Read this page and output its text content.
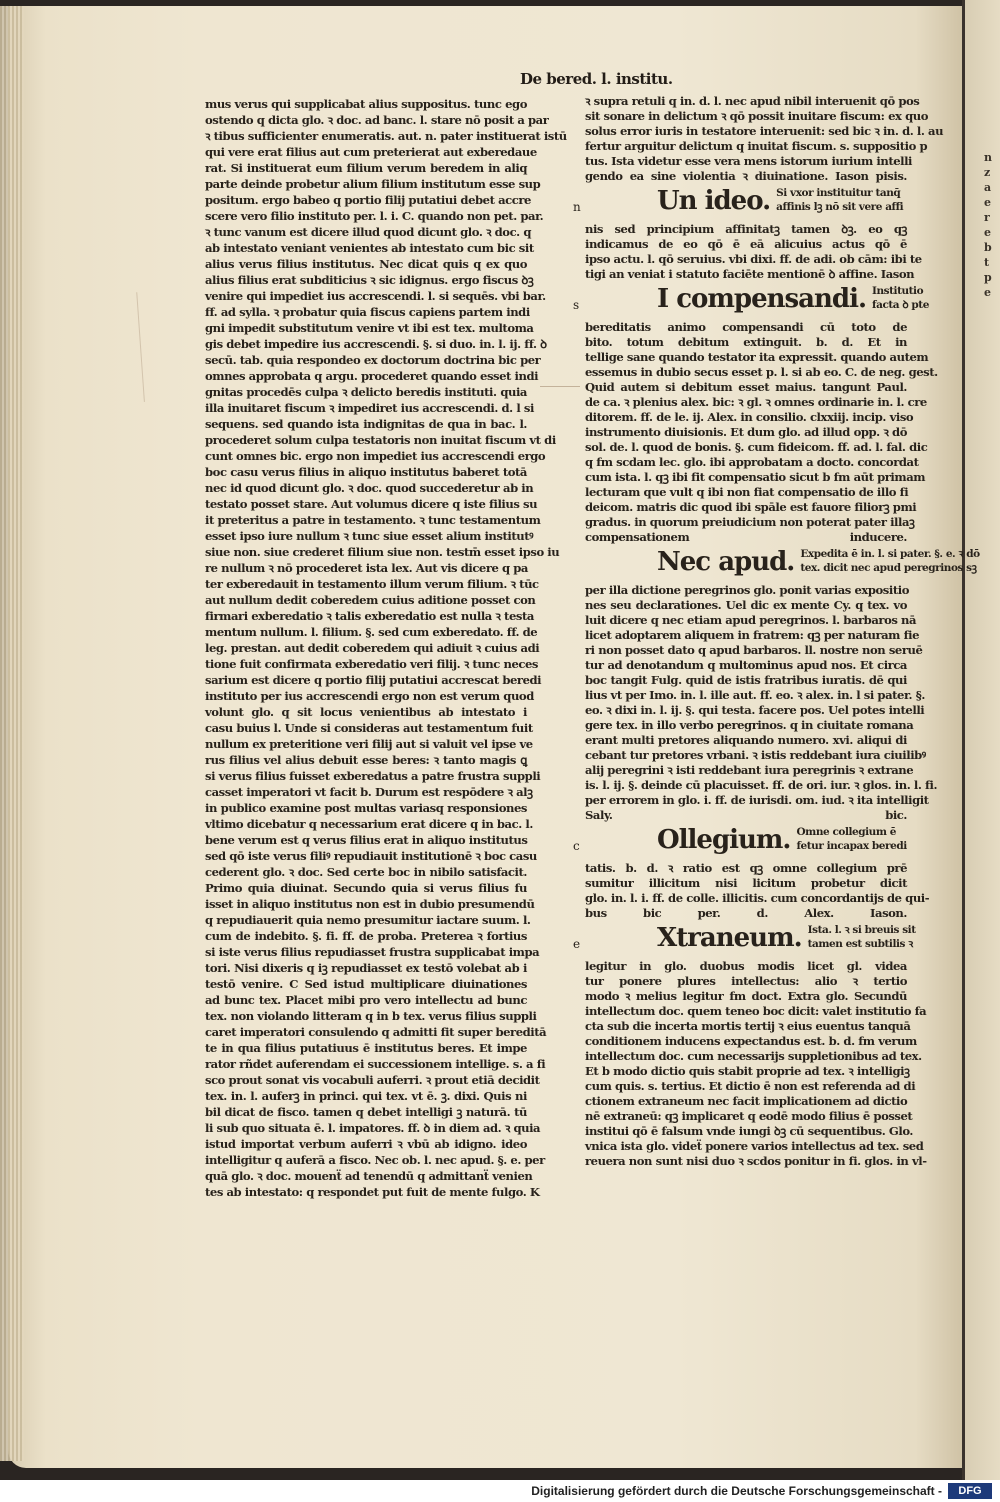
n
z
a
e
r
e
b
t
p
e
De bered. l. institu.
mus verus qui supplicabat alius suppositus. tunc ego
ostendo q dicta glo. ꝛ doc. ad banc. l. stare nō posit a par
ꝛ tibus sufficienter enumeratis. aut. n. pater instituerat istū
qui vere erat filius aut cum preterierat aut exberedaue
rat. Si instituerat eum filium verum beredem in aliq
parte deinde probetur alium filium institutum esse sup
positum. ergo babeo q portio filij putatiui debet accre
scere vero filio instituto per. l. i. C. quando non pet. par.
ꝛ tunc vanum est dicere illud quod dicunt glo. ꝛ doc. q
ab intestato veniant venientes ab intestato cum bic sit
alius verus filius institutus. Nec dicat quis q ex quo
alius filius erat subditicius ꝛ sic idignus. ergo fiscus ꝺꝫ
venire qui impediet ius accrescendi. l. si sequēs. vbi bar.
ff. ad sylla. ꝛ probatur quia fiscus capiens partem indi
gni impedit substitutum venire vt ibi est tex. multoma
gis debet impedire ius accrescendi. §. si duo. in. l. ij. ff. ꝺ
secū. tab. quia respondeo ex doctorum doctrina bic per
omnes approbata q argu. procederet quando esset indi
gnitas procedēs culpa ꝛ delicto beredis instituti. quia
illa inuitaret fiscum ꝛ impediret ius accrescendi. d. l si
sequens. sed quando ista indignitas de qua in bac. l.
procederet solum culpa testatoris non inuitat fiscum vt di
cunt omnes bic. ergo non impediet ius accrescendi ergo
boc casu verus filius in aliquo institutus baberet totā
nec id quod dicunt glo. ꝛ doc. quod succederetur ab in
testato posset stare. Aut volumus dicere q iste filius su
it preteritus a patre in testamento. ꝛ tunc testamentum
esset ipso iure nullum ꝛ tunc siue esset alium institutꝰ
siue non. siue crederet filium siue non. testm̄ esset ipso iu
re nullum ꝛ nō procederet ista lex. Aut vis dicere q pa
ter exberedauit in testamento illum verum filium. ꝛ tūc
aut nullum dedit coberedem cuius aditione posset con
firmari exberedatio ꝛ talis exberedatio est nulla ꝛ testa
mentum nullum. l. filium. §. sed cum exberedato. ff. de
leg. prestan. aut dedit coberedem qui adiuit ꝛ cuius adi
tione fuit confirmata exberedatio veri filij. ꝛ tunc neces
sarium est dicere q portio filij putatiui accrescat beredi
instituto per ius accrescendi ergo non est verum quod
volunt glo. q sit locus venientibus ab intestato i
casu buius l. Unde si consideras aut testamentum fuit
nullum ex preteritione veri filij aut si valuit vel ipse ve
rus filius vel alius debuit esse beres: ꝛ tanto magis ꝗ
si verus filius fuisset exberedatus a patre frustra suppli
casset imperatori vt facit b. Durum est respōdere ꝛ alꝫ
in publico examine post multas variasq responsiones
vltimo dicebatur q necessarium erat dicere q in bac. l.
bene verum est q verus filius erat in aliquo institutus
sed qō iste verus filiꝰ repudiauit institutionē ꝛ boc casu
cederent glo. ꝛ doc. Sed certe boc in nibilo satisfacit.
Primo quia diuinat. Secundo quia si verus filius fu
isset in aliquo institutus non est in dubio presumendū
q repudiauerit quia nemo presumitur iactare suum. l.
cum de indebito. §. fi. ff. de proba. Preterea ꝛ fortius
si iste verus filius repudiasset frustra supplicabat impa
tori. Nisi dixeris q iꝫ repudiasset ex testō volebat ab i
testō venire. C Sed istud multiplicare diuinationes
ad bunc tex. Placet mibi pro vero intellectu ad bunc
tex. non violando litteram q in b tex. verus filius suppli
caret imperatori consulendo q admitti fit super bereditā
te in qua filius putatiuus ē institutus beres. Et impe
rator rñdet auferendam ei successionem intellige. s. a fi
sco prout sonat vis vocabuli auferri. ꝛ prout etiā decidit
tex. in. l. auferꝫ in princi. qui tex. vt ē. ꝫ. dixi. Quis ni
bil dicat de fisco. tamen q debet intelligi ꝫ naturā. tū
li sub quo situata ē. l. impatores. ff. ꝺ in diem ad. ꝛ quia
istud importat verbum auferri ꝛ vbū ab idigno. ideo
intelligitur q auferā a fisco. Nec ob. l. nec apud. §. e. per
quā glo. ꝛ doc. mouenẗ ad tenendū q admittanẗ venien
tes ab intestato: q respondet put fuit de mente fulgo. K
ꝛ supra retuli q in. d. l. nec apud nibil interuenit qō pos
sit sonare in delictum ꝛ qō possit inuitare fiscum: ex quo
solus error iuris in testatore interuenit: sed bic ꝛ in. d. l. au
fertur arguitur delictum q inuitat fiscum. s. suppositio p
tus. Ista videtur esse vera mens istorum iurium intelli
gendo ea sine violentia ꝛ diuinatione. Iason pisis.
n	Un ideo. Si vxor instituitur tanq̄
affinis lꝫ nō sit vere affi
nis sed principium affinitatꝫ tamen ꝺꝫ. eo qꝫ
indicamus de eo qō ē eā alicuius actus qō ē
ipso actu. l. qō seruius. vbi dixi. ff. de adi. ob cām: ibi te
tigi an veniat i statuto faciēte mentionē ꝺ affine. Iason
s	I compensandi. Institutio
facta ꝺ pte
bereditatis animo compensandi cū toto de
bito. totum debitum extinguit. b. d. Et in
tellige sane quando testator ita expressit. quando autem
essemus in dubio secus esset p. l. si ab eo. C. de neg. gest.
Quid autem si debitum esset maius. tangunt Paul.
de ca. ꝛ plenius alex. bic: ꝛ gl. ꝛ omnes ordinarie in. l. cre
ditorem. ff. de le. ij. Alex. in consilio. clxxiij. incip. viso
instrumento diuisionis. Et dum glo. ad illud opp. ꝛ dō
sol. de. l. quod de bonis. §. cum fideicom. ff. ad. l. fal. dic
q fm scdam lec. glo. ibi approbatam a docto. concordat
cum ista. l. qꝫ ibi fit compensatio sicut b fm aūt primam
lecturam que vult q ibi non fiat compensatio de illo fi
deicom. matris dic quod ibi spāle est fauore filiorꝫ pmi
gradus. in quorum preiudicium non poterat pater illaꝫ
compensationem inducere.
Nec apud. Expedita ē in. l. si pater. §. e. ꝛ dō
tex. dicit nec apud peregrinos sꝫ
per illa dictione peregrinos glo. ponit varias expositio
nes seu declarationes. Uel dic ex mente Cy. q tex. vo
luit dicere q nec etiam apud peregrinos. l. barbaros nā
licet adoptarem aliquem in fratrem: qꝫ per naturam fie
ri non posset dato q apud barbaros. ll. nostre non seruē
tur ad denotandum q multominus apud nos. Et circa
boc tangit Fulg. quid de istis fratribus iuratis. dē qui
lius vt per Imo. in. l. ille aut. ff. eo. ꝛ alex. in. l si pater. §.
eo. ꝛ dixi in. l. ij. §. qui testa. facere pos. Uel potes intelli
gere tex. in illo verbo peregrinos. q in ciuitate romana
erant multi pretores aliquando numero. xvi. aliqui di
cebant tur pretores vrbani. ꝛ istis reddebant iura ciuilibꝰ
alij peregrini ꝛ isti reddebant iura peregrinis ꝛ extrane
is. l. ij. §. deinde cū placuisset. ff. de ori. iur. ꝛ glos. in. l. fi.
per errorem in glo. i. ff. de iurisdi. om. iud. ꝛ ita intelligit
Saly. bic.
c	Ollegium. Omne collegium ē
fetur incapax beredi
tatis. b. d. ꝛ ratio est qꝫ omne collegium prē
sumitur illicitum nisi licitum probetur dicit
glo. in. l. i. ff. de colle. illicitis. cum concordantijs de qui-
bus bic per. d. Alex. Iason.
e	Xtraneum. Ista. l. ꝛ si breuis sit
tamen est subtilis ꝛ
legitur in glo. duobus modis licet gl. videa
tur ponere plures intellectus: alio ꝛ tertio
modo ꝛ melius legitur fm doct. Extra glo. Secundū
intellectum doc. quem teneo boc dicit: valet institutio fa
cta sub die incerta mortis tertij ꝛ eius euentus tanquā
conditionem inducens expectandus est. b. d. fm verum
intellectum doc. cum necessarijs suppletionibus ad tex.
Et b modo dictio quis stabit proprie ad tex. ꝛ intelligiꝫ
cum quis. s. tertius. Et dictio ē non est referenda ad di
ctionem extraneum nec facit implicationem ad dictio
nē extraneū: qꝫ implicaret q eodē modo filius ē posset
institui qō ē falsum vnde iungi ꝺꝫ cū sequentibus. Glo.
vnica ista glo. videẗ ponere varios intellectus ad tex. sed
reuera non sunt nisi duo ꝛ scdos ponitur in fi. glos. in vl-
Digitalisierung gefördert durch die Deutsche Forschungsgemeinschaft -	DFG
